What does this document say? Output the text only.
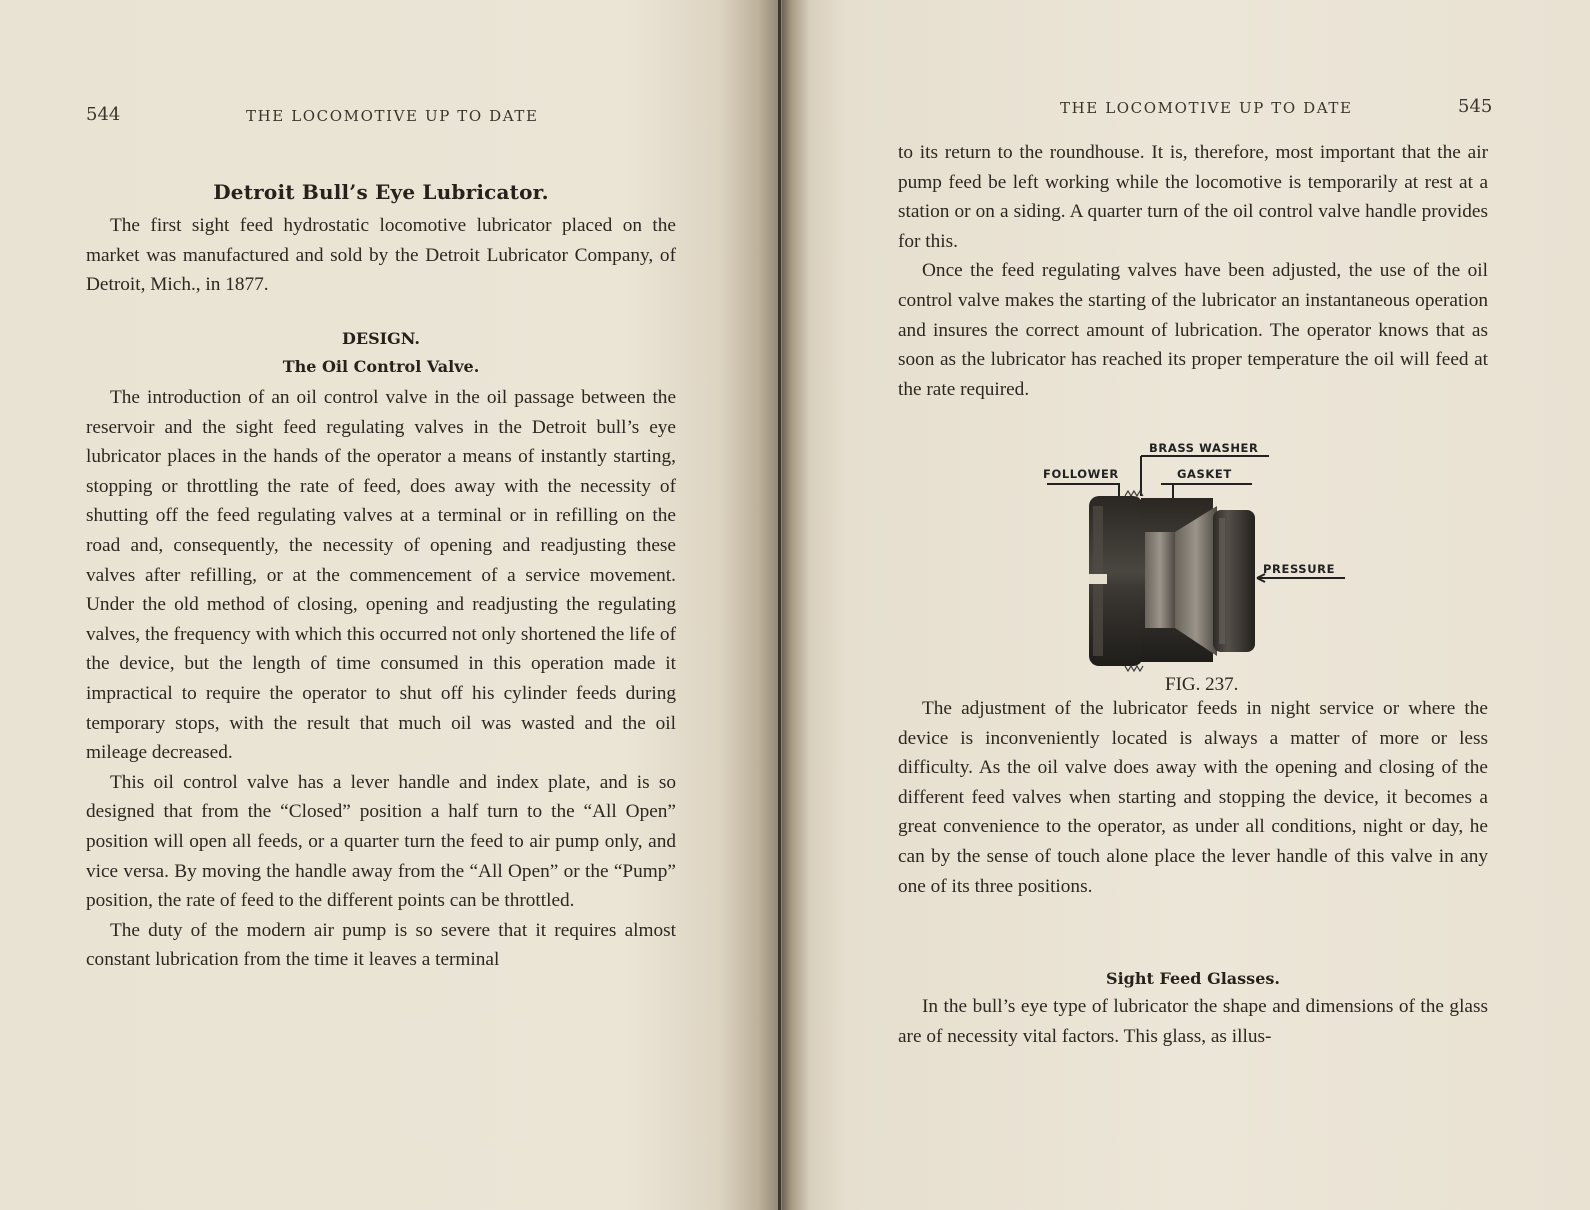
544	THE LOCOMOTIVE UP TO DATE
Detroit Bull’s Eye Lubricator.

The first sight feed hydrostatic locomotive lubricator placed on the market was manufactured and sold by the Detroit Lubricator Company, of Detroit, Mich., in 1877.

DESIGN.
The Oil Control Valve.

The introduction of an oil control valve in the oil passage between the reservoir and the sight feed regulating valves in the Detroit bull’s eye lubricator places in the hands of the operator a means of instantly starting, stopping or throttling the rate of feed, does away with the necessity of shutting off the feed regulating valves at a terminal or in refilling on the road and, consequently, the necessity of opening and readjusting these valves after refilling, or at the commencement of a service movement. Under the old method of closing, opening and readjusting the regulating valves, the frequency with which this occurred not only shortened the life of the device, but the length of time consumed in this operation made it impractical to require the operator to shut off his cylinder feeds during temporary stops, with the result that much oil was wasted and the oil mileage decreased.

This oil control valve has a lever handle and index plate, and is so designed that from the “Closed” position a half turn to the “All Open” position will open all feeds, or a quarter turn the feed to air pump only, and vice versa. By moving the handle away from the “All Open” or the “Pump” position, the rate of feed to the different points can be throttled.

The duty of the modern air pump is so severe that it requires almost constant lubrication from the time it leaves a terminal

THE LOCOMOTIVE UP TO DATE	545

to its return to the roundhouse. It is, therefore, most important that the air pump feed be left working while the locomotive is temporarily at rest at a station or on a siding. A quarter turn of the oil control valve handle provides for this.

Once the feed regulating valves have been adjusted, the use of the oil control valve makes the starting of the lubricator an instantaneous operation and insures the correct amount of lubrication. The operator knows that as soon as the lubricator has reached its proper temperature the oil will feed at the rate required.

BRASS WASHER
FOLLOWER	GASKET
PRESSURE
FIG. 237.

The adjustment of the lubricator feeds in night service or where the device is inconveniently located is always a matter of more or less difficulty. As the oil valve does away with the opening and closing of the different feed valves when starting and stopping the device, it becomes a great convenience to the operator, as under all conditions, night or day, he can by the sense of touch alone place the lever handle of this valve in any one of its three positions.

Sight Feed Glasses.

In the bull’s eye type of lubricator the shape and dimensions of the glass are of necessity vital factors. This glass, as illus-
